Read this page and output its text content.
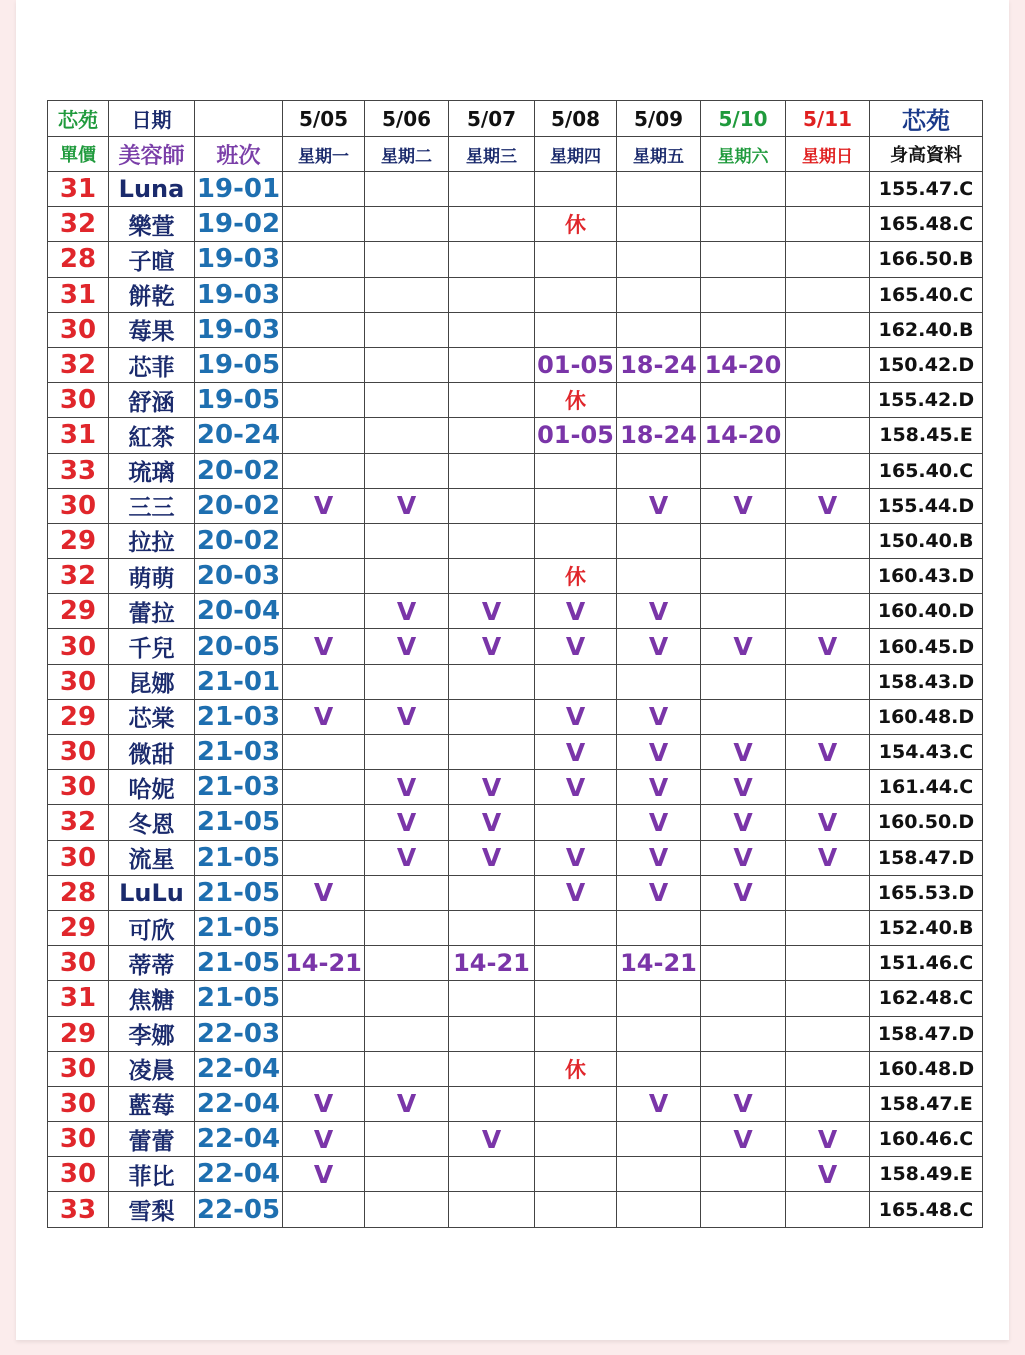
芯苑	日期		5/05	5/06	5/07	5/08	5/09	5/10	5/11	芯苑
單價	美容師	班次	星期一	星期二	星期三	星期四	星期五	星期六	星期日	身高資料
31	Luna	19-01								155.47.C
32	樂萱	19-02				休				165.48.C
28	子暄	19-03								166.50.B
31	餅乾	19-03								165.40.C
30	莓果	19-03								162.40.B
32	芯菲	19-05				01-05	18-24	14-20		150.42.D
30	舒涵	19-05				休				155.42.D
31	紅茶	20-24				01-05	18-24	14-20		158.45.E
33	琉璃	20-02								165.40.C
30	三三	20-02	V	V			V	V	V	155.44.D
29	拉拉	20-02								150.40.B
32	萌萌	20-03				休				160.43.D
29	蕾拉	20-04		V	V	V	V			160.40.D
30	千兒	20-05	V	V	V	V	V	V	V	160.45.D
30	昆娜	21-01								158.43.D
29	芯棠	21-03	V	V		V	V			160.48.D
30	微甜	21-03				V	V	V	V	154.43.C
30	哈妮	21-03		V	V	V	V	V		161.44.C
32	冬恩	21-05		V	V		V	V	V	160.50.D
30	流星	21-05		V	V	V	V	V	V	158.47.D
28	LuLu	21-05	V			V	V	V		165.53.D
29	可欣	21-05								152.40.B
30	蒂蒂	21-05	14-21		14-21		14-21			151.46.C
31	焦糖	21-05								162.48.C
29	李娜	22-03								158.47.D
30	凌晨	22-04				休				160.48.D
30	藍莓	22-04	V	V			V	V		158.47.E
30	蕾蕾	22-04	V		V			V	V	160.46.C
30	菲比	22-04	V						V	158.49.E
33	雪梨	22-05								165.48.C
